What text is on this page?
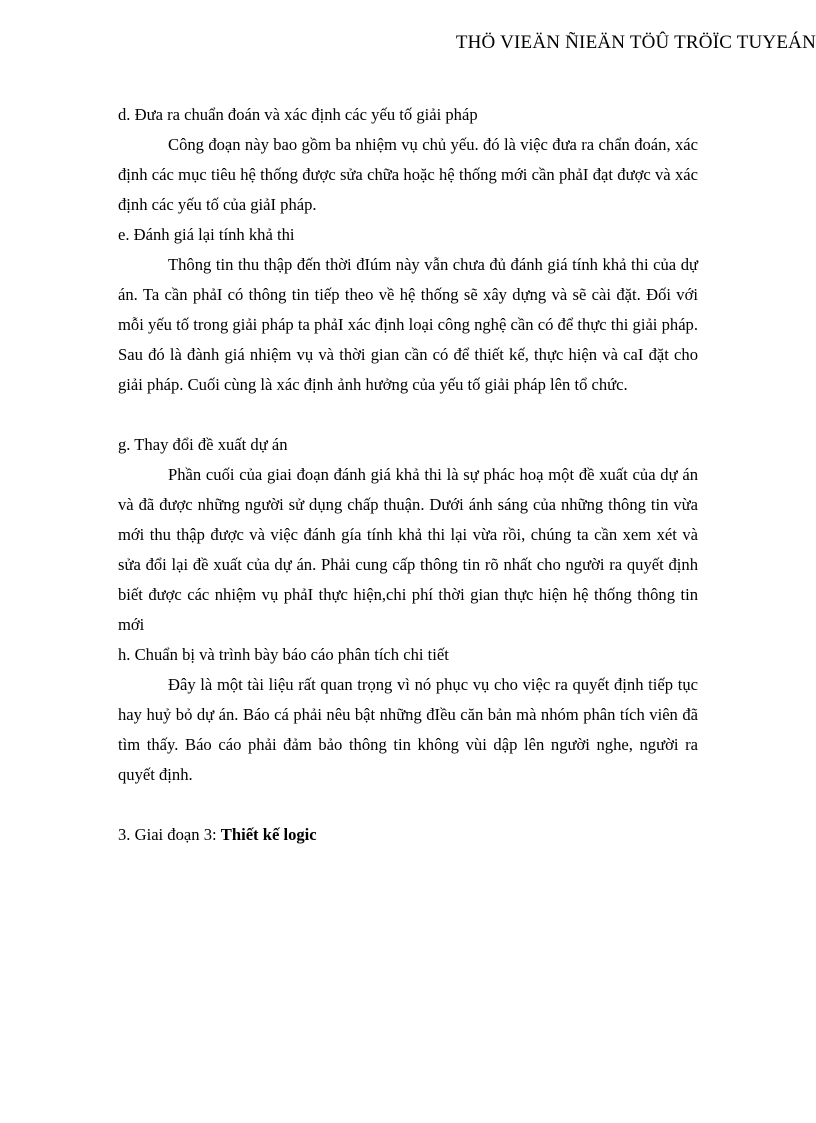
THÖ VIEÄN ÑIEÄN TÖÛ TRÖÏC TUYEÁN

d. Đưa ra chuẩn đoán và xác định các yếu tố giải pháp

Công đoạn này bao gồm ba nhiệm vụ chủ yếu. đó là việc đưa ra chẩn đoán, xác định các mục tiêu hệ thống được sửa chữa hoặc hệ thống mới cần phảI đạt được và xác định các yếu tố của giảI pháp.

e. Đánh giá lại tính khả thi

Thông tin thu thập đến thời đIúm này vẫn chưa đủ đánh giá tính khả thi của dự án. Ta cần phảI có thông tin tiếp theo về hệ thống sẽ xây dựng và sẽ cài đặt. Đối với mỗi yếu tố trong giải pháp ta phảI xác định loại công nghệ cần có để thực thi giải pháp. Sau đó là đành giá nhiệm vụ và thời gian cần có để thiết kế, thực hiện và caI đặt cho giải pháp. Cuối cùng là xác định ảnh hưởng của yếu tố giải pháp lên tổ chức.

g. Thay đổi đề xuất dự án

Phần cuối của giai đoạn đánh giá khả thi là sự phác hoạ một đề xuất của dự án và đã được những người sử dụng chấp thuận. Dưới ánh sáng của những thông tin vừa mới thu thập được và việc đánh gía tính khả thi lại vừa rồi, chúng ta cần xem xét và sửa đổi lại đề xuất của dự án. Phải cung cấp thông tin rõ nhất cho người ra quyết định biết được các nhiệm vụ phảI thực hiện,chi phí thời gian thực hiện hệ thống thông tin mới

h. Chuẩn bị và trình bày báo cáo phân tích chi tiết

Đây là một tài liệu rất quan trọng vì nó phục vụ cho việc ra quyết định tiếp tục hay huỷ bỏ dự án. Báo cá phải nêu bật những đIều căn bản mà nhóm phân tích viên đã tìm thấy. Báo cáo phải đảm bảo thông tin không vùi dập lên người nghe, người ra quyết định.

3. Giai đoạn 3: Thiết kế logic
